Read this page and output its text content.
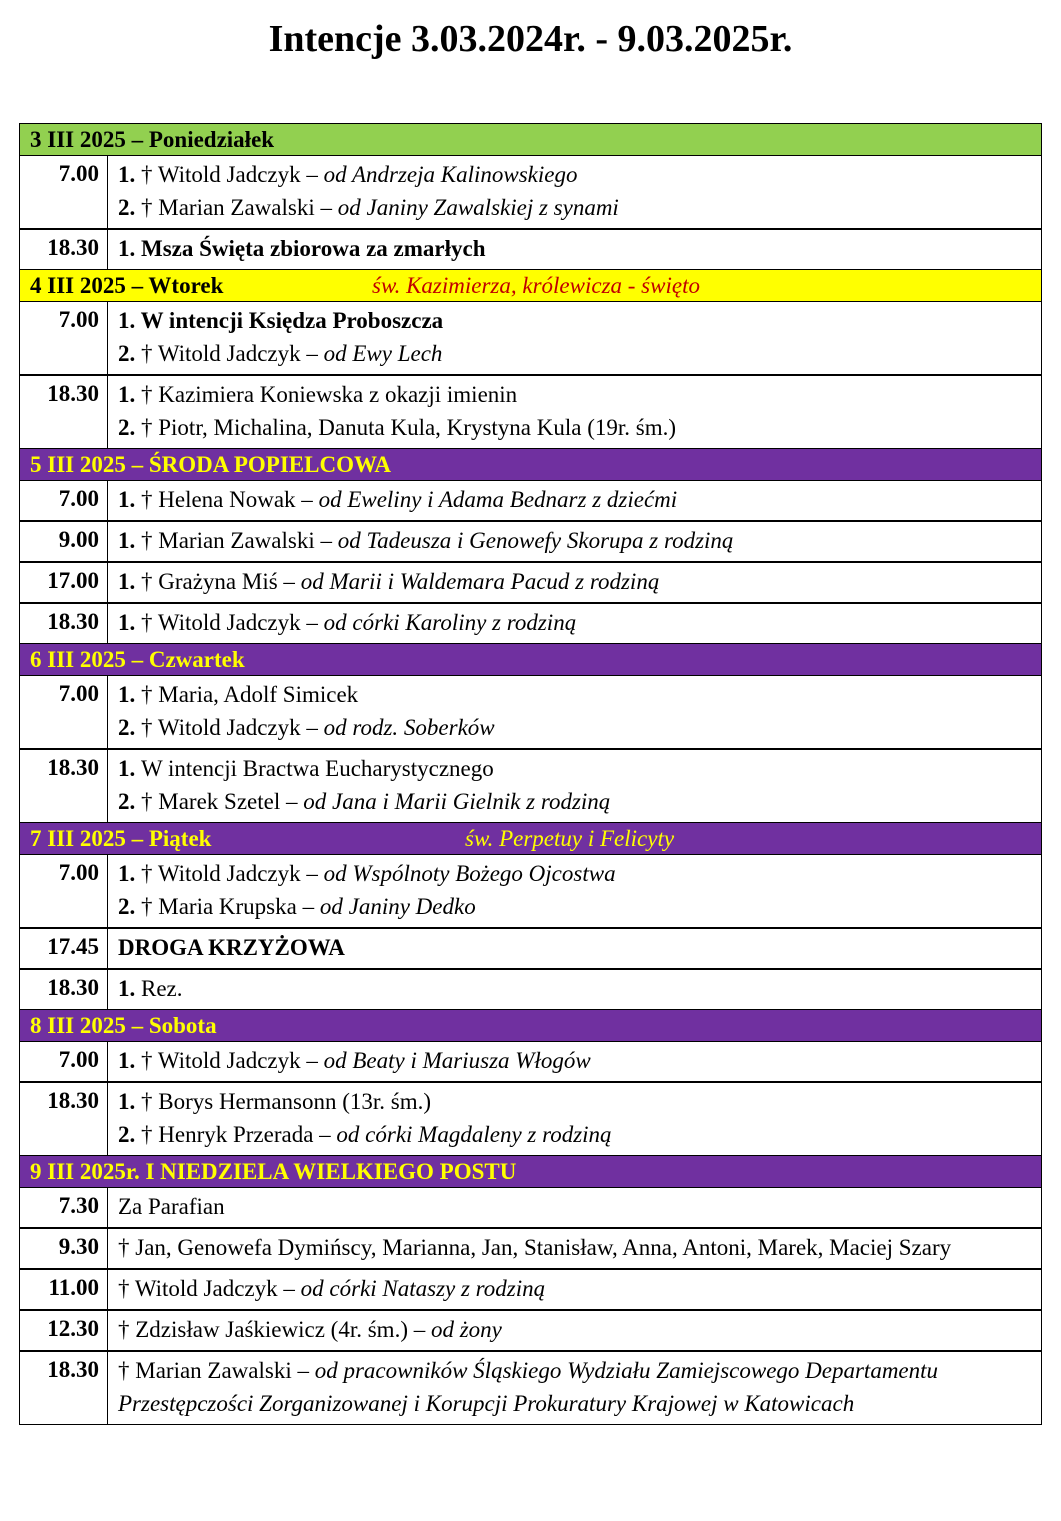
Intencje 3.03.2024r. - 9.03.2025r.
3 III 2025 – Poniedziałek	
7.00	1. † Witold Jadczyk – od Andrzeja Kalinowskiego
2. † Marian Zawalski – od Janiny Zawalskiej z synami

18.30	1. Msza Święta zbiorowa za zmarłych

4 III 2025 – Wtorek św. Kazimierza, królewicza - święto	

7.00	1. W intencji Księdza Proboszcza
2. † Witold Jadczyk – od Ewy Lech

18.30	1. † Kazimiera Koniewska z okazji imienin
2. † Piotr, Michalina, Danuta Kula, Krystyna Kula (19r. śm.)

5 III 2025 – ŚRODA POPIELCOWA	
7.00	1. † Helena Nowak – od Eweliny i Adama Bednarz z dziećmi

9.00	1. † Marian Zawalski – od Tadeusza i Genowefy Skorupa z rodziną

17.00	1. † Grażyna Miś – od Marii i Waldemara Pacud z rodziną

18.30	1. † Witold Jadczyk – od córki Karoliny z rodziną

6 III 2025 – Czwartek	
7.00	1. † Maria, Adolf Simicek
2. † Witold Jadczyk – od rodz. Soberków

18.30	1. W intencji Bractwa Eucharystycznego
2. † Marek Szetel – od Jana i Marii Gielnik z rodziną

7 III 2025 – Piątek św. Perpetuy i Felicyty	

7.00	1. † Witold Jadczyk – od Wspólnoty Bożego Ojcostwa
2. † Maria Krupska – od Janiny Dedko

17.45	DROGA KRZYŻOWA

18.30	1. Rez.

8 III 2025 – Sobota	
7.00	1. † Witold Jadczyk – od Beaty i Mariusza Włogów

18.30	1. † Borys Hermansonn (13r. śm.)
2. † Henryk Przerada – od córki Magdaleny z rodziną

9 III 2025r. I NIEDZIELA WIELKIEGO POSTU	
7.30	Za Parafian

9.30	† Jan, Genowefa Dymińscy, Marianna, Jan, Stanisław, Anna, Antoni, Marek, Maciej Szary

11.00	† Witold Jadczyk – od córki Nataszy z rodziną

12.30	† Zdzisław Jaśkiewicz (4r. śm.) – od żony

18.30	† Marian Zawalski – od pracowników Śląskiego Wydziału Zamiejscowego Departamentu Przestępczości Zorganizowanej i Korupcji Prokuratury Krajowej w Katowicach
